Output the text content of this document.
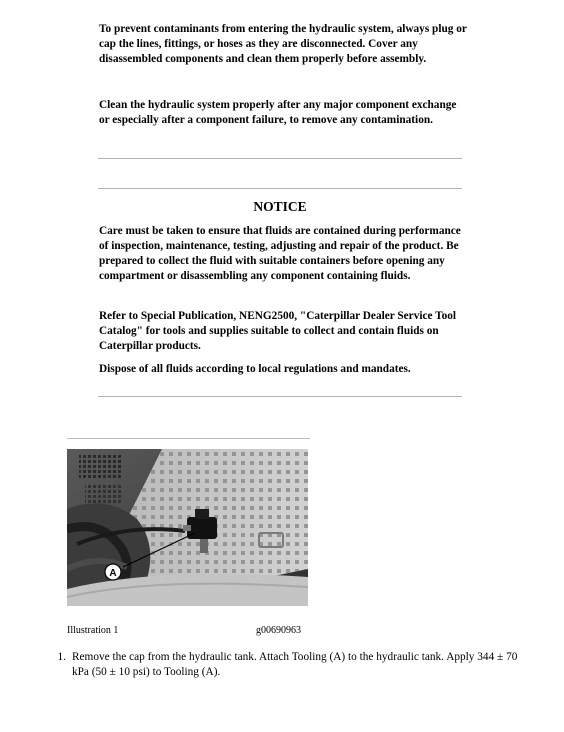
To prevent contaminants from entering the hydraulic system, always plug or cap the lines, fittings, or hoses as they are disconnected. Cover any disassembled components and clean them properly before assembly.

Clean the hydraulic system properly after any major component exchange or especially after a component failure, to remove any contamination.

NOTICE

Care must be taken to ensure that fluids are contained during performance of inspection, maintenance, testing, adjusting and repair of the product. Be prepared to collect the fluid with suitable containers before opening any compartment or disassembling any component containing fluids.

Refer to Special Publication, NENG2500, "Caterpillar Dealer Service Tool Catalog" for tools and supplies suitable to collect and contain fluids on Caterpillar products.

Dispose of all fluids according to local regulations and mandates.

A
Illustration 1	g00690963
1. Remove the cap from the hydraulic tank. Attach Tooling (A) to the hydraulic tank. Apply 344 ± 70 kPa (50 ± 10 psi) to Tooling (A).
